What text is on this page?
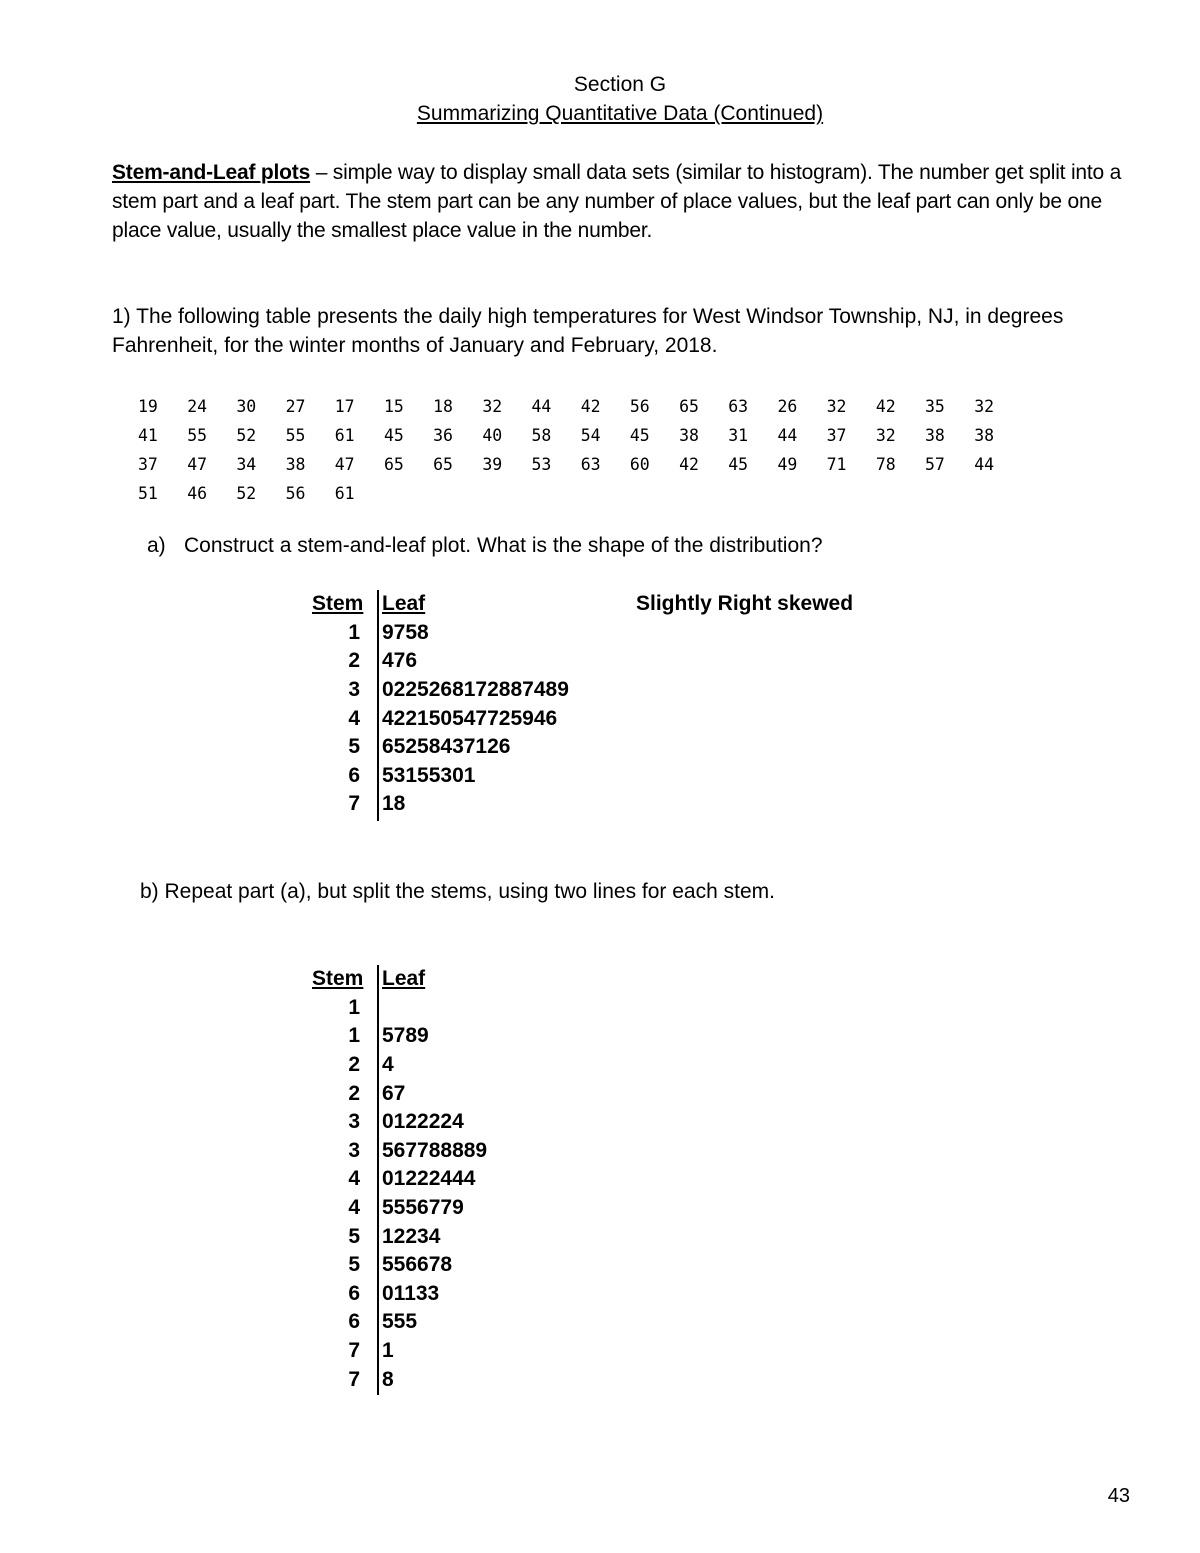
Section G
Summarizing Quantitative Data (Continued)

Stem-and-Leaf plots – simple way to display small data sets (similar to histogram). The number get split into a stem part and a leaf part. The stem part can be any number of place values, but the leaf part can only be one place value, usually the smallest place value in the number.

1) The following table presents the daily high temperatures for West Windsor Township, NJ, in degrees Fahrenheit, for the winter months of January and February, 2018.
19	24	30	27	17	15	18	32	44	42	56	65	63	26	32	42	35	32
41	55	52	55	61	45	36	40	58	54	45	38	31	44	37	32	38	38
37	47	34	38	47	65	65	39	53	63	60	42	45	49	71	78	57	44
51	46	52	56	61
a) Construct a stem-and-leaf plot. What is the shape of the distribution?
Stem Leaf
1	9758
2	476
3	0225268172887489
4	422150547725946
5	65258437126
6	53155301
7	18
Slightly Right skewed
b) Repeat part (a), but split the stems, using two lines for each stem.
Stem Leaf
1
1	5789
2	4
2	67
3	0122224
3	567788889
4	01222444
4	5556779
5	12234
5	556678
6	01133
6	555
7	1
7	8
43
